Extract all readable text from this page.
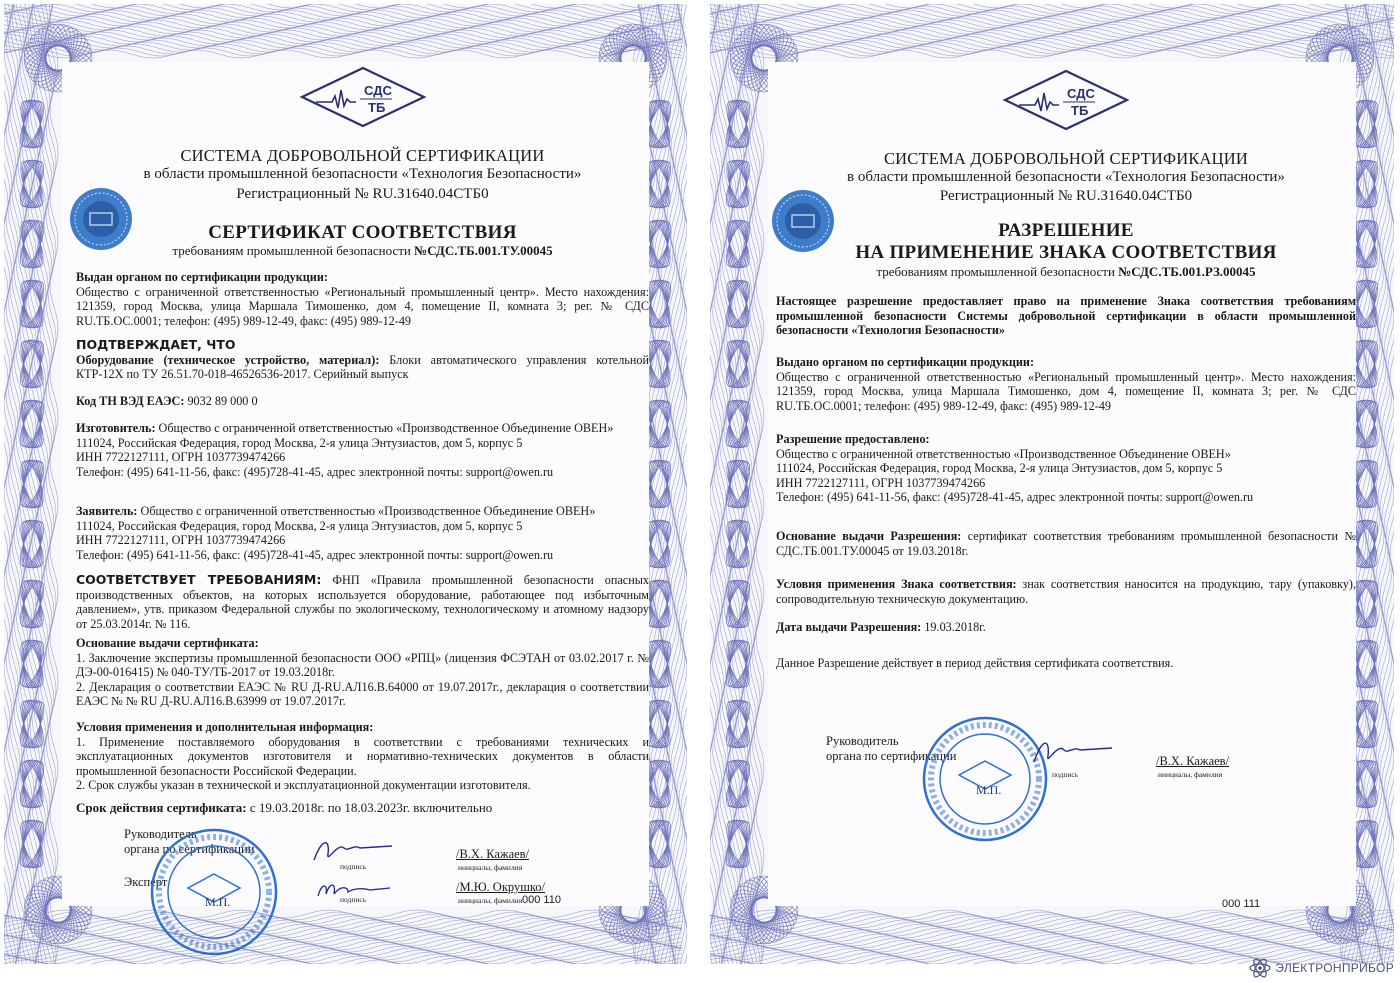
СДС
ТБ
СИСТЕМА ДОБРОВОЛЬНОЙ СЕРТИФИКАЦИИ
в области промышленной безопасности «Технология Безопасности»
Регистрационный № RU.З1640.04СТБ0
СЕРТИФИКАТ СООТВЕТСТВИЯ
требованиям промышленной безопасности №СДС.ТБ.001.ТУ.00045
Выдан органом по сертификации продукции:
Общество с ограниченной ответственностью «Региональный промышленный центр». Место нахождения: 121359, город Москва, улица Маршала Тимошенко, дом 4, помещение II, комната 3; рег. № СДС RU.ТБ.ОС.0001; телефон: (495) 989-12-49, факс: (495) 989-12-49
ПОДТВЕРЖДАЕТ, ЧТО
Оборудование (техническое устройство, материал): Блоки автоматического управления котельной КТР-12Х по ТУ 26.51.70-018-46526536-2017. Серийный выпуск
Код ТН ВЭД ЕАЭС: 9032 89 000 0
Изготовитель: Общество с ограниченной ответственностью «Производственное Объединение ОВЕН»
111024, Российская Федерация, город Москва, 2-я улица Энтузиастов, дом 5, корпус 5
ИНН 7722127111, ОГРН 1037739474266
Телефон: (495) 641-11-56, факс: (495)728-41-45, адрес электронной почты: support@owen.ru
Заявитель: Общество с ограниченной ответственностью «Производственное Объединение ОВЕН»
111024, Российская Федерация, город Москва, 2-я улица Энтузиастов, дом 5, корпус 5
ИНН 7722127111, ОГРН 1037739474266
Телефон: (495) 641-11-56, факс: (495)728-41-45, адрес электронной почты: support@owen.ru
СООТВЕТСТВУЕТ ТРЕБОВАНИЯМ: ФНП «Правила промышленной безопасности опасных производственных объектов, на которых используется оборудование, работающее под избыточным давлением», утв. приказом Федеральной службы по экологическому, технологическому и атомному надзору от 25.03.2014г. № 116.
Основание выдачи сертификата:
1. Заключение экспертизы промышленной безопасности ООО «РПЦ» (лицензия ФСЭТАН от 03.02.2017 г. № ДЭ-00-016415) № 040-ТУ/ТБ-2017 от 19.03.2018г.
2. Декларация о соответствии ЕАЭС № RU Д-RU.АЛ16.В.64000 от 19.07.2017г., декларация о соответствии ЕАЭС № № RU Д-RU.АЛ16.В.63999 от 19.07.2017г.
Условия применения и дополнительная информация:
1. Применение поставляемого оборудования в соответствии с требованиями технических и эксплуатационных документов изготовителя и нормативно-технических документов в области промышленной безопасности Российской Федерации.
2. Срок службы указан в технической и эксплуатационной документации изготовителя.
Срок действия сертификата: с 19.03.2018г. по 18.03.2023г. включительно
Руководитель
органа по сертификации
Эксперт
М.П.
подпись
/В.Х. Кажаев/
инициалы, фамилия
подпись
/М.Ю. Окрушко/
инициалы, фамилия 000 110
СДС
ТБ
СИСТЕМА ДОБРОВОЛЬНОЙ СЕРТИФИКАЦИИ
в области промышленной безопасности «Технология Безопасности»
Регистрационный № RU.З1640.04СТБ0
РАЗРЕШЕНИЕ
НА ПРИМЕНЕНИЕ ЗНАКА СООТВЕТСТВИЯ
требованиям промышленной безопасности №СДС.ТБ.001.РЗ.00045
Настоящее разрешение предоставляет право на применение Знака соответствия требованиям промышленной безопасности Системы добровольной сертификации в области промышленной безопасности «Технология Безопасности»
Выдано органом по сертификации продукции:
Общество с ограниченной ответственностью «Региональный промышленный центр». Место нахождения: 121359, город Москва, улица Маршала Тимошенко, дом 4, помещение II, комната 3; рег. № СДС RU.ТБ.ОС.0001; телефон: (495) 989-12-49, факс: (495) 989-12-49
Разрешение предоставлено:
Общество с ограниченной ответственностью «Производственное Объединение ОВЕН»
111024, Российская Федерация, город Москва, 2-я улица Энтузиастов, дом 5, корпус 5
ИНН 7722127111, ОГРН 1037739474266
Телефон: (495) 641-11-56, факс: (495)728-41-45, адрес электронной почты: support@owen.ru
Основание выдачи Разрешения: сертификат соответствия требованиям промышленной безопасности № СДС.ТБ.001.ТУ.00045 от 19.03.2018г.
Условия применения Знака соответствия: знак соответствия наносится на продукцию, тару (упаковку), сопроводительную техническую документацию.
Дата выдачи Разрешения: 19.03.2018г.
Данное Разрешение действует в период действия сертификата соответствия.
Руководитель
органа по сертификации
М.П.
подпись
/В.Х. Кажаев/
инициалы, фамилия
000 111
ЭЛЕКТРОНПРИБОР
